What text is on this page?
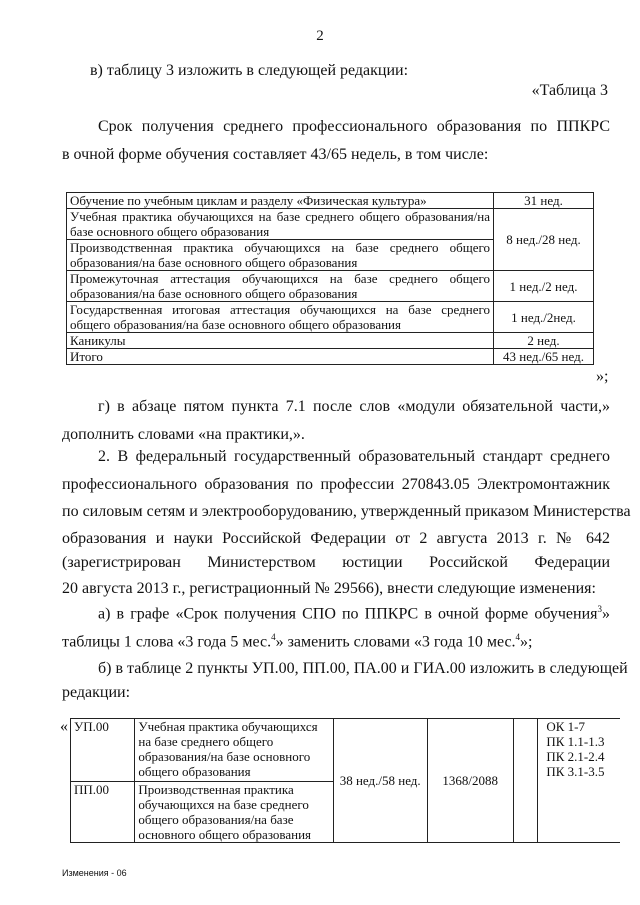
2
в) таблицу 3 изложить в следующей редакции:
«Таблица 3
Срок получения среднего профессионального образования по ППКРС
в очной форме обучения составляет 43/65 недель, в том числе:
Обучение по учебным циклам и разделу «Физическая культура»	31 нед.
Учебная практика обучающихся на базе среднего общего образования/на базе основного общего образования	8 нед./28 нед.
Производственная практика обучающихся на базе среднего общего образования/на базе основного общего образования	
Промежуточная аттестация обучающихся на базе среднего общего образования/на базе основного общего образования	1 нед./2 нед.
Государственная итоговая аттестация обучающихся на базе среднего общего образования/на базе основного общего образования	1 нед./2нед.
Каникулы	2 нед.
Итого	43 нед./65 нед.
»;
г) в абзаце пятом пункта 7.1 после слов «модули обязательной части,»
дополнить словами «на практики,».
2. В федеральный государственный образовательный стандарт среднего
профессионального образования по профессии 270843.05 Электромонтажник
по силовым сетям и электрооборудованию, утвержденный приказом Министерства
образования и науки Российской Федерации от 2 августа 2013 г. № 642
(зарегистрирован Министерством юстиции Российской Федерации
20 августа 2013 г., регистрационный № 29566), внести следующие изменения:
а) в графе «Срок получения СПО по ППКРС в очной форме обучения$^3$»
таблицы 1 слова «3 года 5 мес.$^4$» заменить словами «3 года 10 мес.$^4$»;
б) в таблице 2 пункты УП.00, ПП.00, ПА.00 и ГИА.00 изложить в следующей
редакции:
« УП.00	Учебная практика обучающихся на базе среднего общего образования/на базе основного общего образования	38 нед./58 нед.	1368/2088		ОК 1-7
ПК 1.1-1.3
ПК 2.1-2.4
ПК 3.1-3.5

ПП.00	Производственная практика обучающихся на базе среднего общего образования/на базе основного общего образования				
Изменения - 06
